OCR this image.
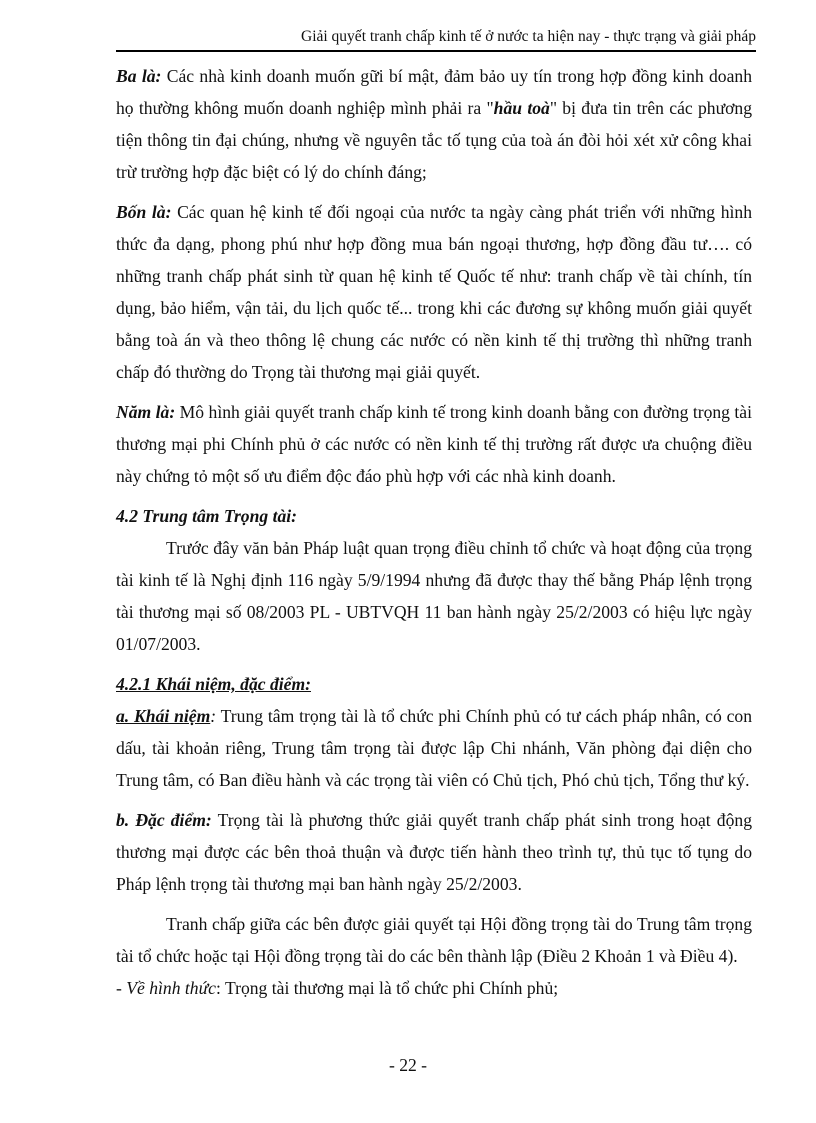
Giải quyết tranh chấp kinh tế ở nước ta hiện nay - thực trạng và giải pháp

Ba là: Các nhà kinh doanh muốn gữi bí mật, đảm bảo uy tín trong hợp đồng kinh doanh họ thường không muốn doanh nghiệp mình phải ra "hầu toà" bị đưa tin trên các phương tiện thông tin đại chúng, nhưng về nguyên tắc tố tụng của toà án đòi hỏi xét xử công khai trừ trường hợp đặc biệt có lý do chính đáng;

Bốn là: Các quan hệ kinh tế đối ngoại của nước ta ngày càng phát triển với những hình thức đa dạng, phong phú như hợp đồng mua bán ngoại thương, hợp đồng đầu tư…. có những tranh chấp phát sinh từ quan hệ kinh tế Quốc tế như: tranh chấp về tài chính, tín dụng, bảo hiểm, vận tải, du lịch quốc tế... trong khi các đương sự không muốn giải quyết bằng toà án và theo thông lệ chung các nước có nền kinh tế thị trường thì những tranh chấp đó thường do Trọng tài thương mại giải quyết.

Năm là: Mô hình giải quyết tranh chấp kinh tế trong kinh doanh bằng con đường trọng tài thương mại phi Chính phủ ở các nước có nền kinh tế thị trường rất được ưa chuộng điều này chứng tỏ một số ưu điểm độc đáo phù hợp với các nhà kinh doanh.

4.2 Trung tâm Trọng tài:

Trước đây văn bản Pháp luật quan trọng điều chỉnh tổ chức và hoạt động của trọng tài kinh tế là Nghị định 116 ngày 5/9/1994 nhưng đã được thay thế bằng Pháp lệnh trọng tài thương mại số 08/2003 PL - UBTVQH 11 ban hành ngày 25/2/2003 có hiệu lực ngày 01/07/2003.

4.2.1 Khái niệm, đặc điểm:

a. Khái niệm: Trung tâm trọng tài là tổ chức phi Chính phủ có tư cách pháp nhân, có con dấu, tài khoản riêng, Trung tâm trọng tài được lập Chi nhánh, Văn phòng đại diện cho Trung tâm, có Ban điều hành và các trọng tài viên có Chủ tịch, Phó chủ tịch, Tổng thư ký.

b. Đặc điểm: Trọng tài là phương thức giải quyết tranh chấp phát sinh trong hoạt động thương mại được các bên thoả thuận và được tiến hành theo trình tự, thủ tục tố tụng do Pháp lệnh trọng tài thương mại ban hành ngày 25/2/2003.

Tranh chấp giữa các bên được giải quyết tại Hội đồng trọng tài do Trung tâm trọng tài tổ chức hoặc tại Hội đồng trọng tài do các bên thành lập (Điều 2 Khoản 1 và Điều 4).

- Về hình thức: Trọng tài thương mại là tổ chức phi Chính phủ;

- 22 -
